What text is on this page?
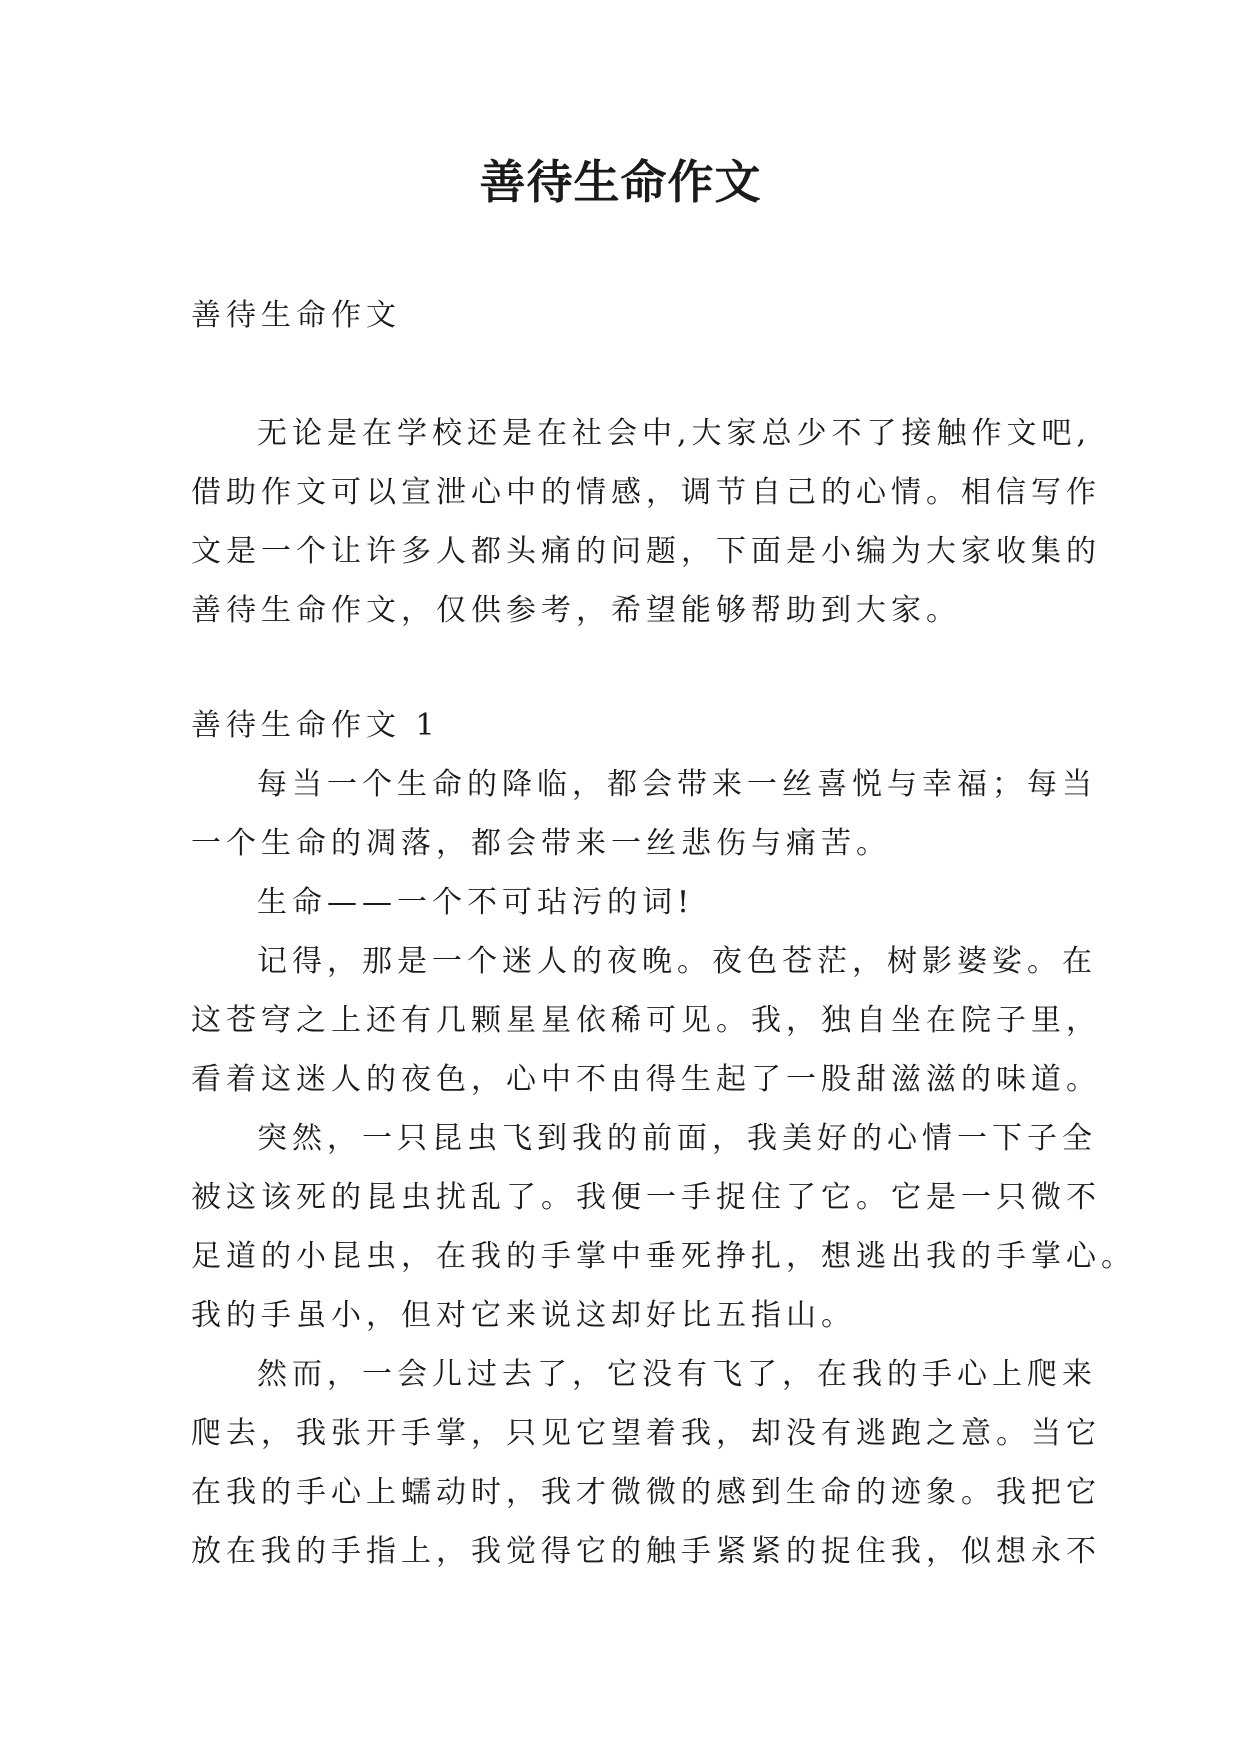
善待生命作文
善待生命作文
无论是在学校还是在社会中,大家总少不了接触作文吧,
借助作文可以宣泄心中的情感，调节自己的心情。相信写作
文是一个让许多人都头痛的问题，下面是小编为大家收集的
善待生命作文，仅供参考，希望能够帮助到大家。
善待生命作文 1
每当一个生命的降临，都会带来一丝喜悦与幸福；每当
一个生命的凋落，都会带来一丝悲伤与痛苦。
生命——一个不可玷污的词!
记得，那是一个迷人的夜晚。夜色苍茫，树影婆娑。在
这苍穹之上还有几颗星星依稀可见。我，独自坐在院子里，
看着这迷人的夜色，心中不由得生起了一股甜滋滋的味道。
突然，一只昆虫飞到我的前面，我美好的心情一下子全
被这该死的昆虫扰乱了。我便一手捉住了它。它是一只微不
足道的小昆虫，在我的手掌中垂死挣扎，想逃出我的手掌心。
我的手虽小，但对它来说这却好比五指山。
然而，一会儿过去了，它没有飞了，在我的手心上爬来
爬去，我张开手掌，只见它望着我，却没有逃跑之意。当它
在我的手心上蠕动时，我才微微的感到生命的迹象。我把它
放在我的手指上，我觉得它的触手紧紧的捉住我，似想永不
